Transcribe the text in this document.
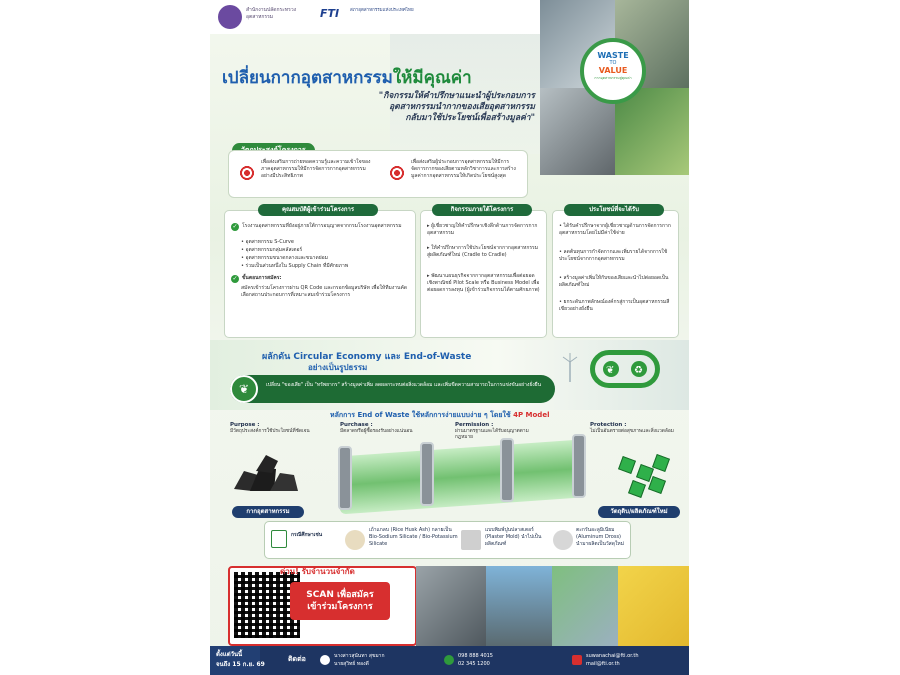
สำนักงานปลัดกระทรวงอุตสาหกรรม	FTI สภาอุตสาหกรรมแห่งประเทศไทย
WASTE
TO
VALUE
กากอุตสาหกรรมสู่คุณค่า
เปลี่ยนกากอุตสาหกรรมให้มีคุณค่า
"กิจกรรมให้คำปรึกษาแนะนำผู้ประกอบการ
อุตสาหกรรมนำกากของเสียอุตสาหกรรม
กลับมาใช้ประโยชน์เพื่อสร้างมูลค่า"
เพื่อส่งเสริมการถ่ายทอดความรู้และความเข้าใจของภาคอุตสาหกรรมให้มีการจัดการกากอุตสาหกรรมอย่างมีประสิทธิภาพ
เพื่อส่งเสริมผู้ประกอบการอุตสาหกรรมให้มีการจัดการกากของเสียตามหลักวิชาการและการสร้างมูลค่ากากอุตสาหกรรมให้เกิดประโยชน์สูงสุด
✓ โรงงานอุตสาหกรรมที่ยังอยู่ภายใต้การอนุญาตจากกรมโรงงานอุตสาหกรรม
• อุตสาหกรรม S-Curve
• อุตสาหกรรมกลุ่มคลัสเตอร์
• อุตสาหกรรมขนาดกลางและขนาดย่อม
• ร่วมเป็นส่วนหนึ่งใน Supply Chain ที่มีศักยภาพ
✓ ขั้นตอนการสมัคร:
สมัครเข้าร่วมโครงการผ่าน QR Code และกรอกข้อมูลบริษัท เพื่อให้ทีมงานคัดเลือกสถานประกอบการที่เหมาะสมเข้าร่วมโครงการ
คุณสมบัติผู้เข้าร่วมโครงการ
▸ ผู้เชี่ยวชาญให้คำปรึกษาเชิงลึกด้านการจัดการกากอุตสาหกรรม
▸ ให้คำปรึกษาการใช้ประโยชน์จากกากอุตสาหกรรมสู่ผลิตภัณฑ์ใหม่ (Cradle to Cradle)
▸ พัฒนาแผนธุรกิจจากกากอุตสาหกรรมเพื่อต่อยอดเชิงพาณิชย์ Pilot Scale หรือ Business Model เพื่อต่อยอดการลงทุน (ผู้เข้าร่วมกิจกรรมได้ตามศักยภาพ)
กิจกรรมภายใต้โครงการ
• ได้รับคำปรึกษาจากผู้เชี่ยวชาญด้านการจัดการกากอุตสาหกรรมโดยไม่มีค่าใช้จ่าย
• ลดต้นทุนการกำจัดกากและเพิ่มรายได้จากการใช้ประโยชน์จากกากอุตสาหกรรม
• สร้างมูลค่าเพิ่มให้กับของเสียและนำไปต่อยอดเป็นผลิตภัณฑ์ใหม่
• ยกระดับภาพลักษณ์องค์กรสู่การเป็นอุตสาหกรรมสีเขียวอย่างยั่งยืน
ประโยชน์ที่จะได้รับ
ผลักดัน Circular Economy และ End-of-Waste
อย่างเป็นรูปธรรม
เปลี่ยน "ของเสีย" เป็น "ทรัพยากร" สร้างมูลค่าเพิ่ม ลดผลกระทบต่อสิ่งแวดล้อม และเพิ่มขีดความสามารถในการแข่งขันอย่างยั่งยืน
❦
❦ ♻
หลักการ End of Waste ใช้หลักการง่ายแบบง่าย ๆ โดยใช้ 4P Model
Purpose :
มีวัตถุประสงค์การใช้ประโยชน์ที่ชัดเจน
Purchase :
มีตลาดหรือผู้ซื้อรองรับอย่างแน่นอน
Permission :
ผ่านมาตรฐานและได้รับอนุญาตตามกฎหมาย
Protection :
ไม่เป็นอันตรายต่อสุขภาพและสิ่งแวดล้อม
กากอุตสาหกรรม	วัตถุดิบ/ผลิตภัณฑ์ใหม่
กรณีศึกษาเช่น
เถ้าแกลบ (Rice Husk Ash) กลายเป็น Bio-Sodium Silicate / Bio-Potassium Silicate
แบบพิมพ์ปูนปลาสเตอร์ (Plaster Mold) นำไปเป็นผลิตภัณฑ์
ตะกรันอะลูมิเนียม (Aluminum Dross) นำมาผลิตเป็นวัสดุใหม่
ด่วน! รับจำนวนจำกัด
SCAN เพื่อสมัคร
เข้าร่วมโครงการ
ตั้งแต่วันนี้
จนถึง 15 ก.ย. 69
ติดต่อ	นางสาวสุนันทา สุขมาก
นายสุวิทย์ ทองดี
098 888 4015
02 345 1200
suwanachai@fti.or.th
mail@fti.or.th
